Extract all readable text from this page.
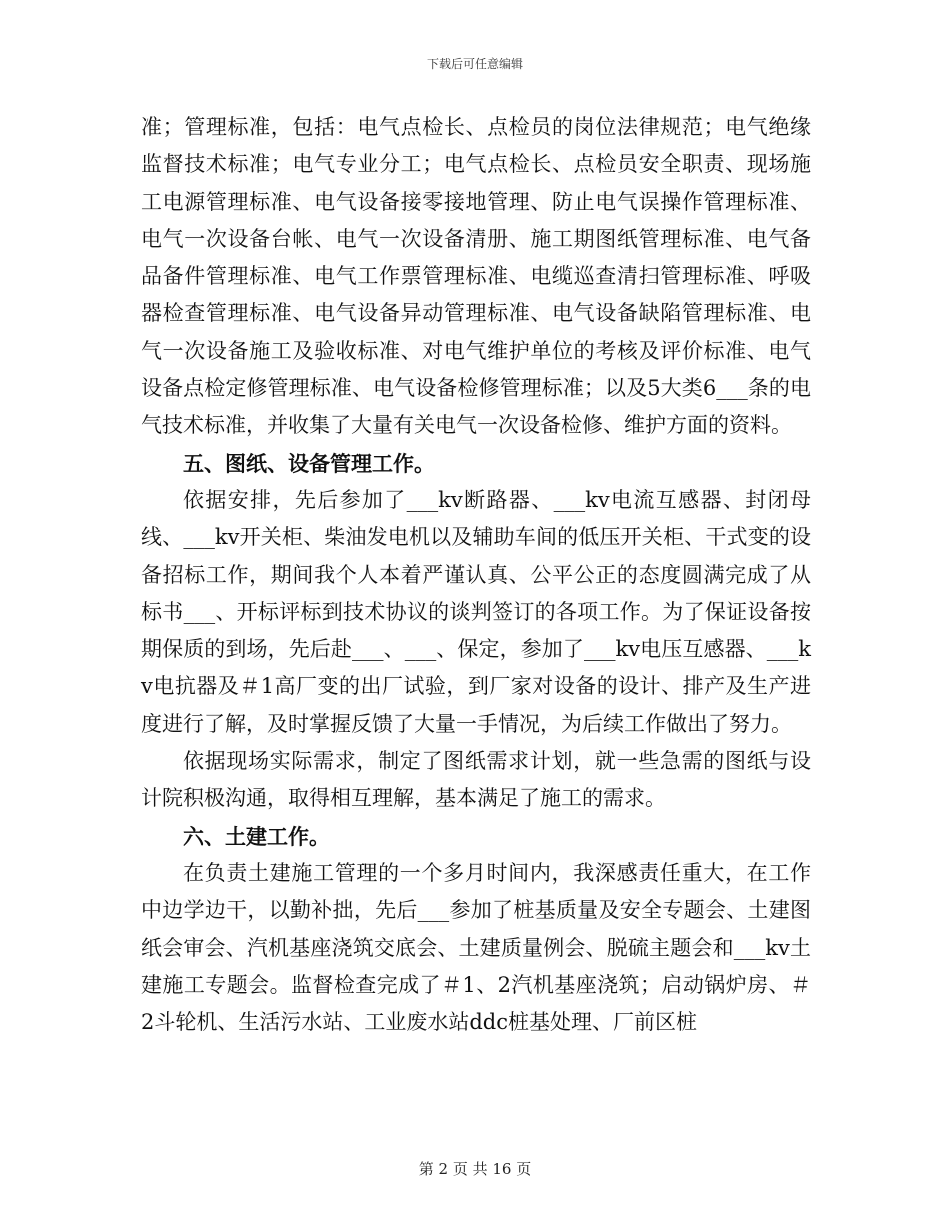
下载后可任意编辑

准；管理标准，包括：电气点检长、点检员的岗位法律规范；电气绝缘监督技术标准；电气专业分工；电气点检长、点检员安全职责、现场施工电源管理标准、电气设备接零接地管理、防止电气误操作管理标准、电气一次设备台帐、电气一次设备清册、施工期图纸管理标准、电气备品备件管理标准、电气工作票管理标准、电缆巡查清扫管理标准、呼吸器检查管理标准、电气设备异动管理标准、电气设备缺陷管理标准、电气一次设备施工及验收标准、对电气维护单位的考核及评价标准、电气设备点检定修管理标准、电气设备检修管理标准；以及5大类6___条的电气技术标准，并收集了大量有关电气一次设备检修、维护方面的资料。

五、图纸、设备管理工作。

依据安排，先后参加了___kv断路器、___kv电流互感器、封闭母线、___kv开关柜、柴油发电机以及辅助车间的低压开关柜、干式变的设备招标工作，期间我个人本着严谨认真、公平公正的态度圆满完成了从标书___、开标评标到技术协议的谈判签订的各项工作。为了保证设备按期保质的到场，先后赴___、___、保定，参加了___kv电压互感器、___kv电抗器及＃1高厂变的出厂试验，到厂家对设备的设计、排产及生产进度进行了解，及时掌握反馈了大量一手情况，为后续工作做出了努力。

依据现场实际需求，制定了图纸需求计划，就一些急需的图纸与设计院积极沟通，取得相互理解，基本满足了施工的需求。

六、土建工作。

在负责土建施工管理的一个多月时间内，我深感责任重大，在工作中边学边干，以勤补拙，先后___参加了桩基质量及安全专题会、土建图纸会审会、汽机基座浇筑交底会、土建质量例会、脱硫主题会和___kv土建施工专题会。监督检查完成了＃1、2汽机基座浇筑；启动锅炉房、＃2斗轮机、生活污水站、工业废水站ddc桩基处理、厂前区桩

第 2 页 共 16 页
